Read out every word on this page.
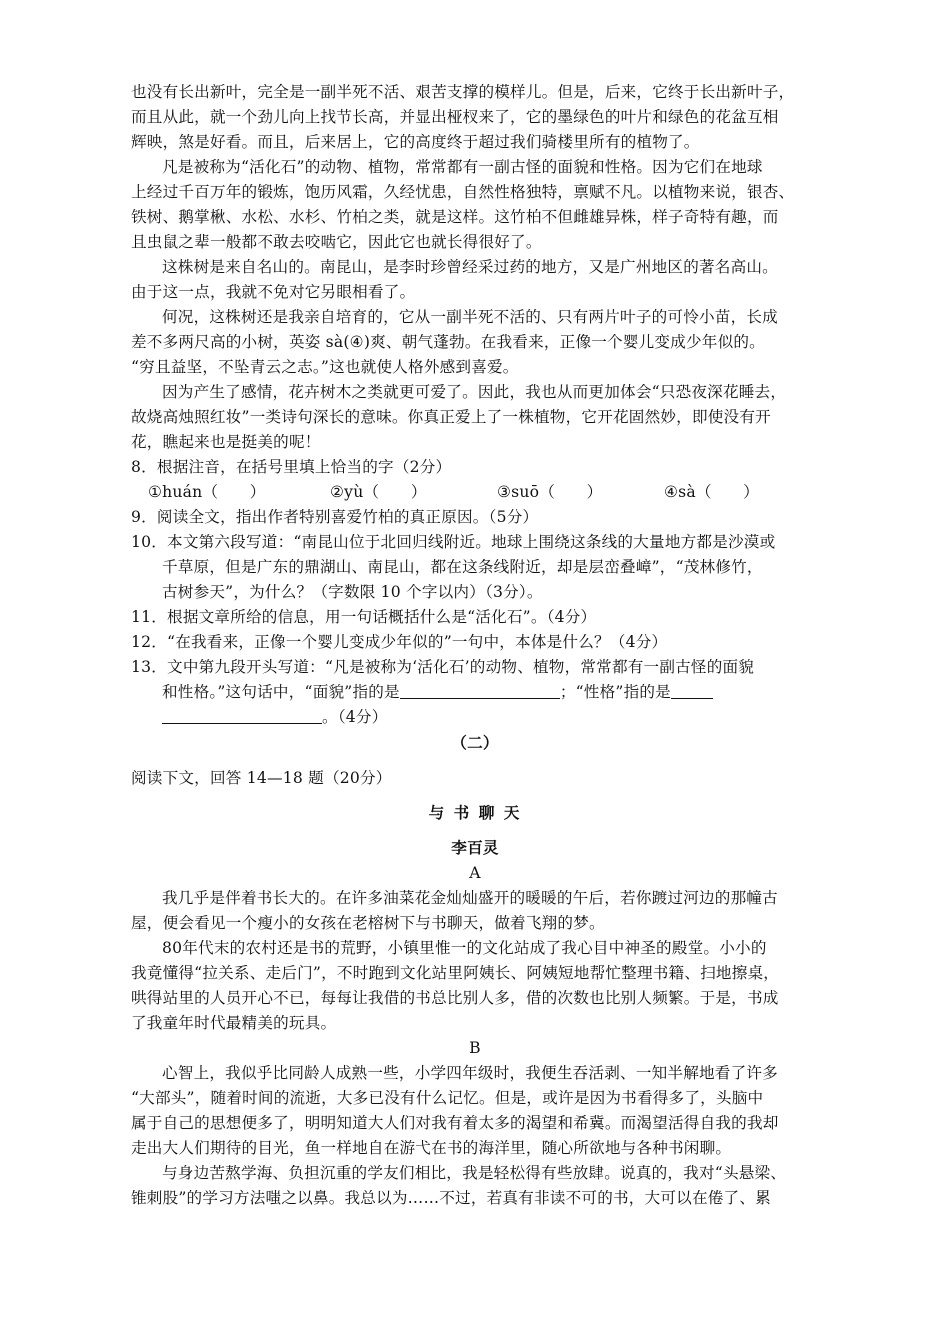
也没有长出新叶，完全是一副半死不活、艰苦支撑的模样儿。但是，后来，它终于长出新叶子，
而且从此，就一个劲儿向上找节长高，并显出桠杈来了，它的墨绿色的叶片和绿色的花盆互相
辉映，煞是好看。而且，后来居上，它的高度终于超过我们骑楼里所有的植物了。
凡是被称为“活化石”的动物、植物，常常都有一副古怪的面貌和性格。因为它们在地球
上经过千百万年的锻炼，饱历风霜，久经忧患，自然性格独特，禀赋不凡。以植物来说，银杏、
铁树、鹅掌楸、水松、水杉、竹柏之类，就是这样。这竹柏不但雌雄异株，样子奇特有趣，而
且虫鼠之辈一般都不敢去咬啮它，因此它也就长得很好了。
这株树是来自名山的。南昆山，是李时珍曾经采过药的地方，又是广州地区的著名高山。
由于这一点，我就不免对它另眼相看了。
何况，这株树还是我亲自培育的，它从一副半死不活的、只有两片叶子的可怜小苗，长成
差不多两尺高的小树，英姿 sà(④)爽、朝气蓬勃。在我看来，正像一个婴儿变成少年似的。
“穷且益坚，不坠青云之志。”这也就使人格外感到喜爱。
因为产生了感情，花卉树木之类就更可爱了。因此，我也从而更加体会“只恐夜深花睡去，
故烧高烛照红妆”一类诗句深长的意味。你真正爱上了一株植物，它开花固然妙，即使没有开
花，瞧起来也是挺美的呢！
8．根据注音，在括号里填上恰当的字（2分）
①huán（　　）	②yù（　　）	③suō（　　）	④sà（　　）
9．阅读全文，指出作者特别喜爱竹柏的真正原因。（5分）
10．本文第六段写道：“南昆山位于北回归线附近。地球上围绕这条线的大量地方都是沙漠或
千草原，但是广东的鼎湖山、南昆山，都在这条线附近，却是层峦叠嶂”，“茂林修竹，
古树参天”，为什么？（字数限 10 个字以内）（3分）。
11．根据文章所给的信息，用一句话概括什么是“活化石”。（4分）
12．“在我看来，正像一个婴儿变成少年似的”一句中，本体是什么？（4分）
13．文中第九段开头写道：“凡是被称为‘活化石’的动物、植物，常常都有一副古怪的面貌
和性格。”这句话中，“面貌”指的是	；“性格”指的是
。（4分）
（二）
阅读下文，回答 14—18 题（20分）
与 书 聊 天
李百灵
A
我几乎是伴着书长大的。在许多油菜花金灿灿盛开的暖暖的午后，若你踱过河边的那幢古
屋，便会看见一个瘦小的女孩在老榕树下与书聊天，做着飞翔的梦。
80年代末的农村还是书的荒野，小镇里惟一的文化站成了我心目中神圣的殿堂。小小的
我竟懂得“拉关系、走后门”，不时跑到文化站里阿姨长、阿姨短地帮忙整理书籍、扫地擦桌，
哄得站里的人员开心不已，每每让我借的书总比别人多，借的次数也比别人频繁。于是，书成
了我童年时代最精美的玩具。
B
心智上，我似乎比同龄人成熟一些，小学四年级时，我便生吞活剥、一知半解地看了许多
“大部头”，随着时间的流逝，大多已没有什么记忆。但是，或许是因为书看得多了，头脑中
属于自己的思想便多了，明明知道大人们对我有着太多的渴望和希冀。而渴望活得自我的我却
走出大人们期待的目光，鱼一样地自在游弋在书的海洋里，随心所欲地与各种书闲聊。
与身边苦熬学海、负担沉重的学友们相比，我是轻松得有些放肆。说真的，我对“头悬梁、
锥刺股”的学习方法嗤之以鼻。我总以为……不过，若真有非读不可的书，大可以在倦了、累
